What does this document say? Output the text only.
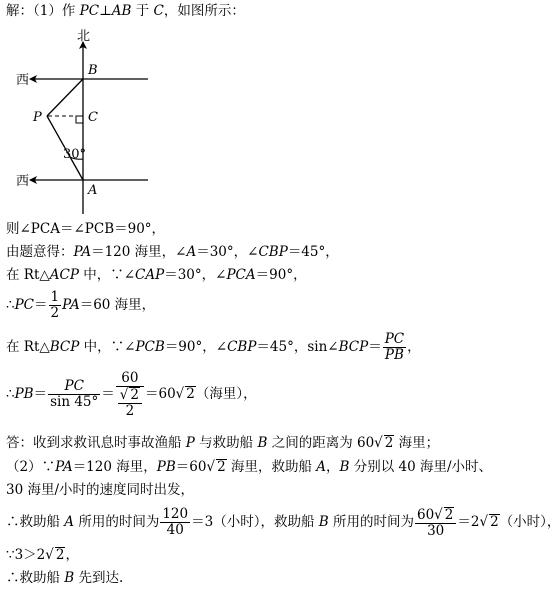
解：（1）作 PC⊥AB 于 C，如图所示：
北
西
西
B
C
P
A
30°
则∠PCA＝∠PCB＝90°，
由题意得：PA＝120 海里，∠A＝30°，∠CBP＝45°，
在 Rt△ACP 中，∵∠CAP＝30°，∠PCA＝90°，
∴PC＝ $\frac{1}{2} PA=60$ 海里，
在 Rt△BCP 中，∵∠PCB＝90°，∠CBP＝45°，sin∠BCP＝ $\frac{PC}{PB}$ ，
∴PB＝ $\frac{PC}{\sin 45^\circ} = \frac{60}{\frac{√ 2}{2}} =60√$ 2（海里），
答：收到求救讯息时事故渔船 P 与救助船 B 之间的距离为 60√ 2 海里；
（2）∵PA＝120 海里，PB＝60√ 2 海里，救助船 A，B 分别以 40 海里/小时、
30 海里/小时的速度同时出发，
∴救助船 A 所用的时间为 $\frac{120}{40} =3$（小时），救助船 B 所用的时间为 $\frac{60√ 2}{30} =2√$ 2（小时），
∵3＞2√ 2，
∴救助船 B 先到达.
